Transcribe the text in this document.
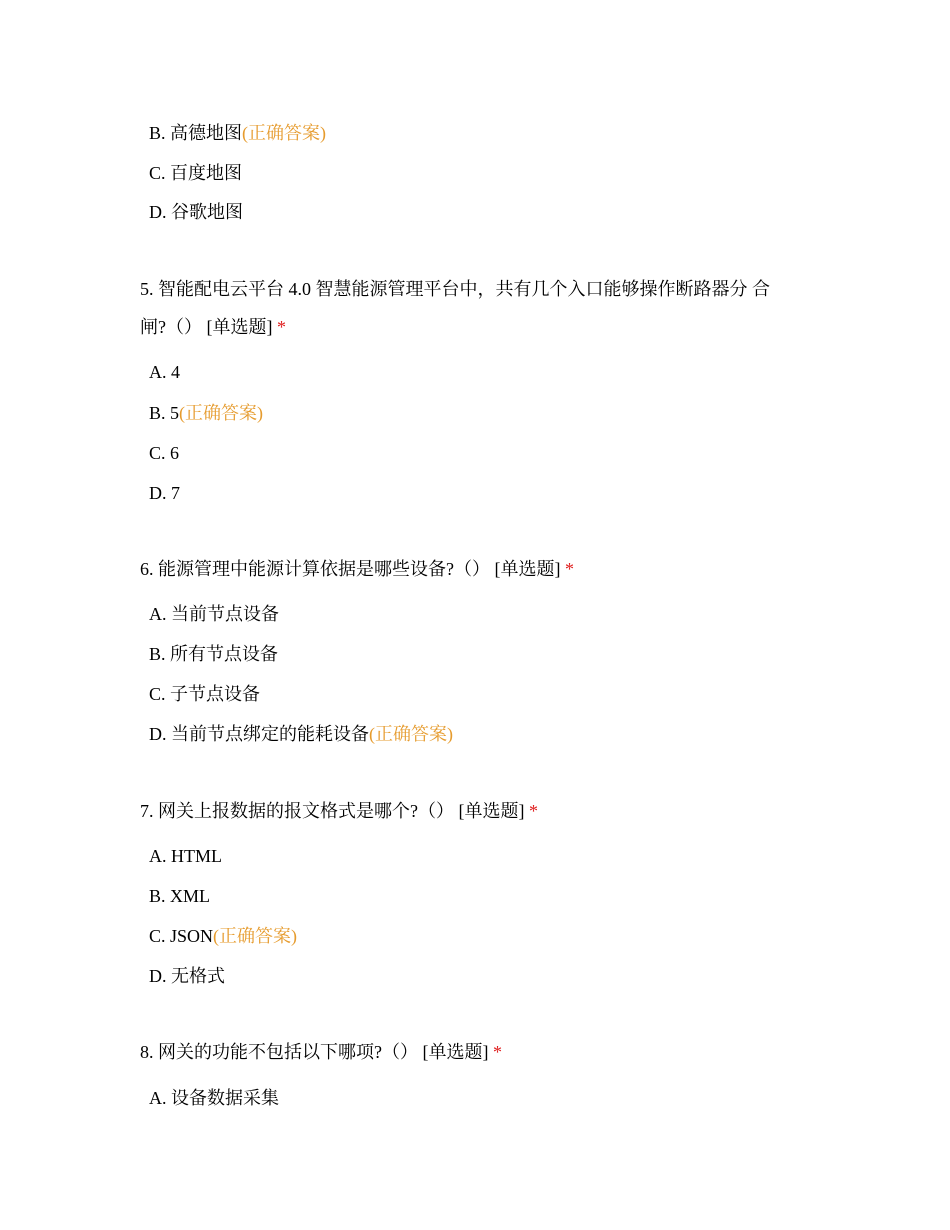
B. 高德地图(正确答案)
C. 百度地图
D. 谷歌地图
5. 智能配电云平台 4.0 智慧能源管理平台中，共有几个入口能够操作断路器分 合
闸?（） [单选题] *
A. 4
B. 5(正确答案)
C. 6
D. 7
6. 能源管理中能源计算依据是哪些设备?（） [单选题] *
A. 当前节点设备
B. 所有节点设备
C. 子节点设备
D. 当前节点绑定的能耗设备(正确答案)
7. 网关上报数据的报文格式是哪个?（） [单选题] *
A. HTML
B. XML
C. JSON(正确答案)
D. 无格式
8. 网关的功能不包括以下哪项?（） [单选题] *
A. 设备数据采集
